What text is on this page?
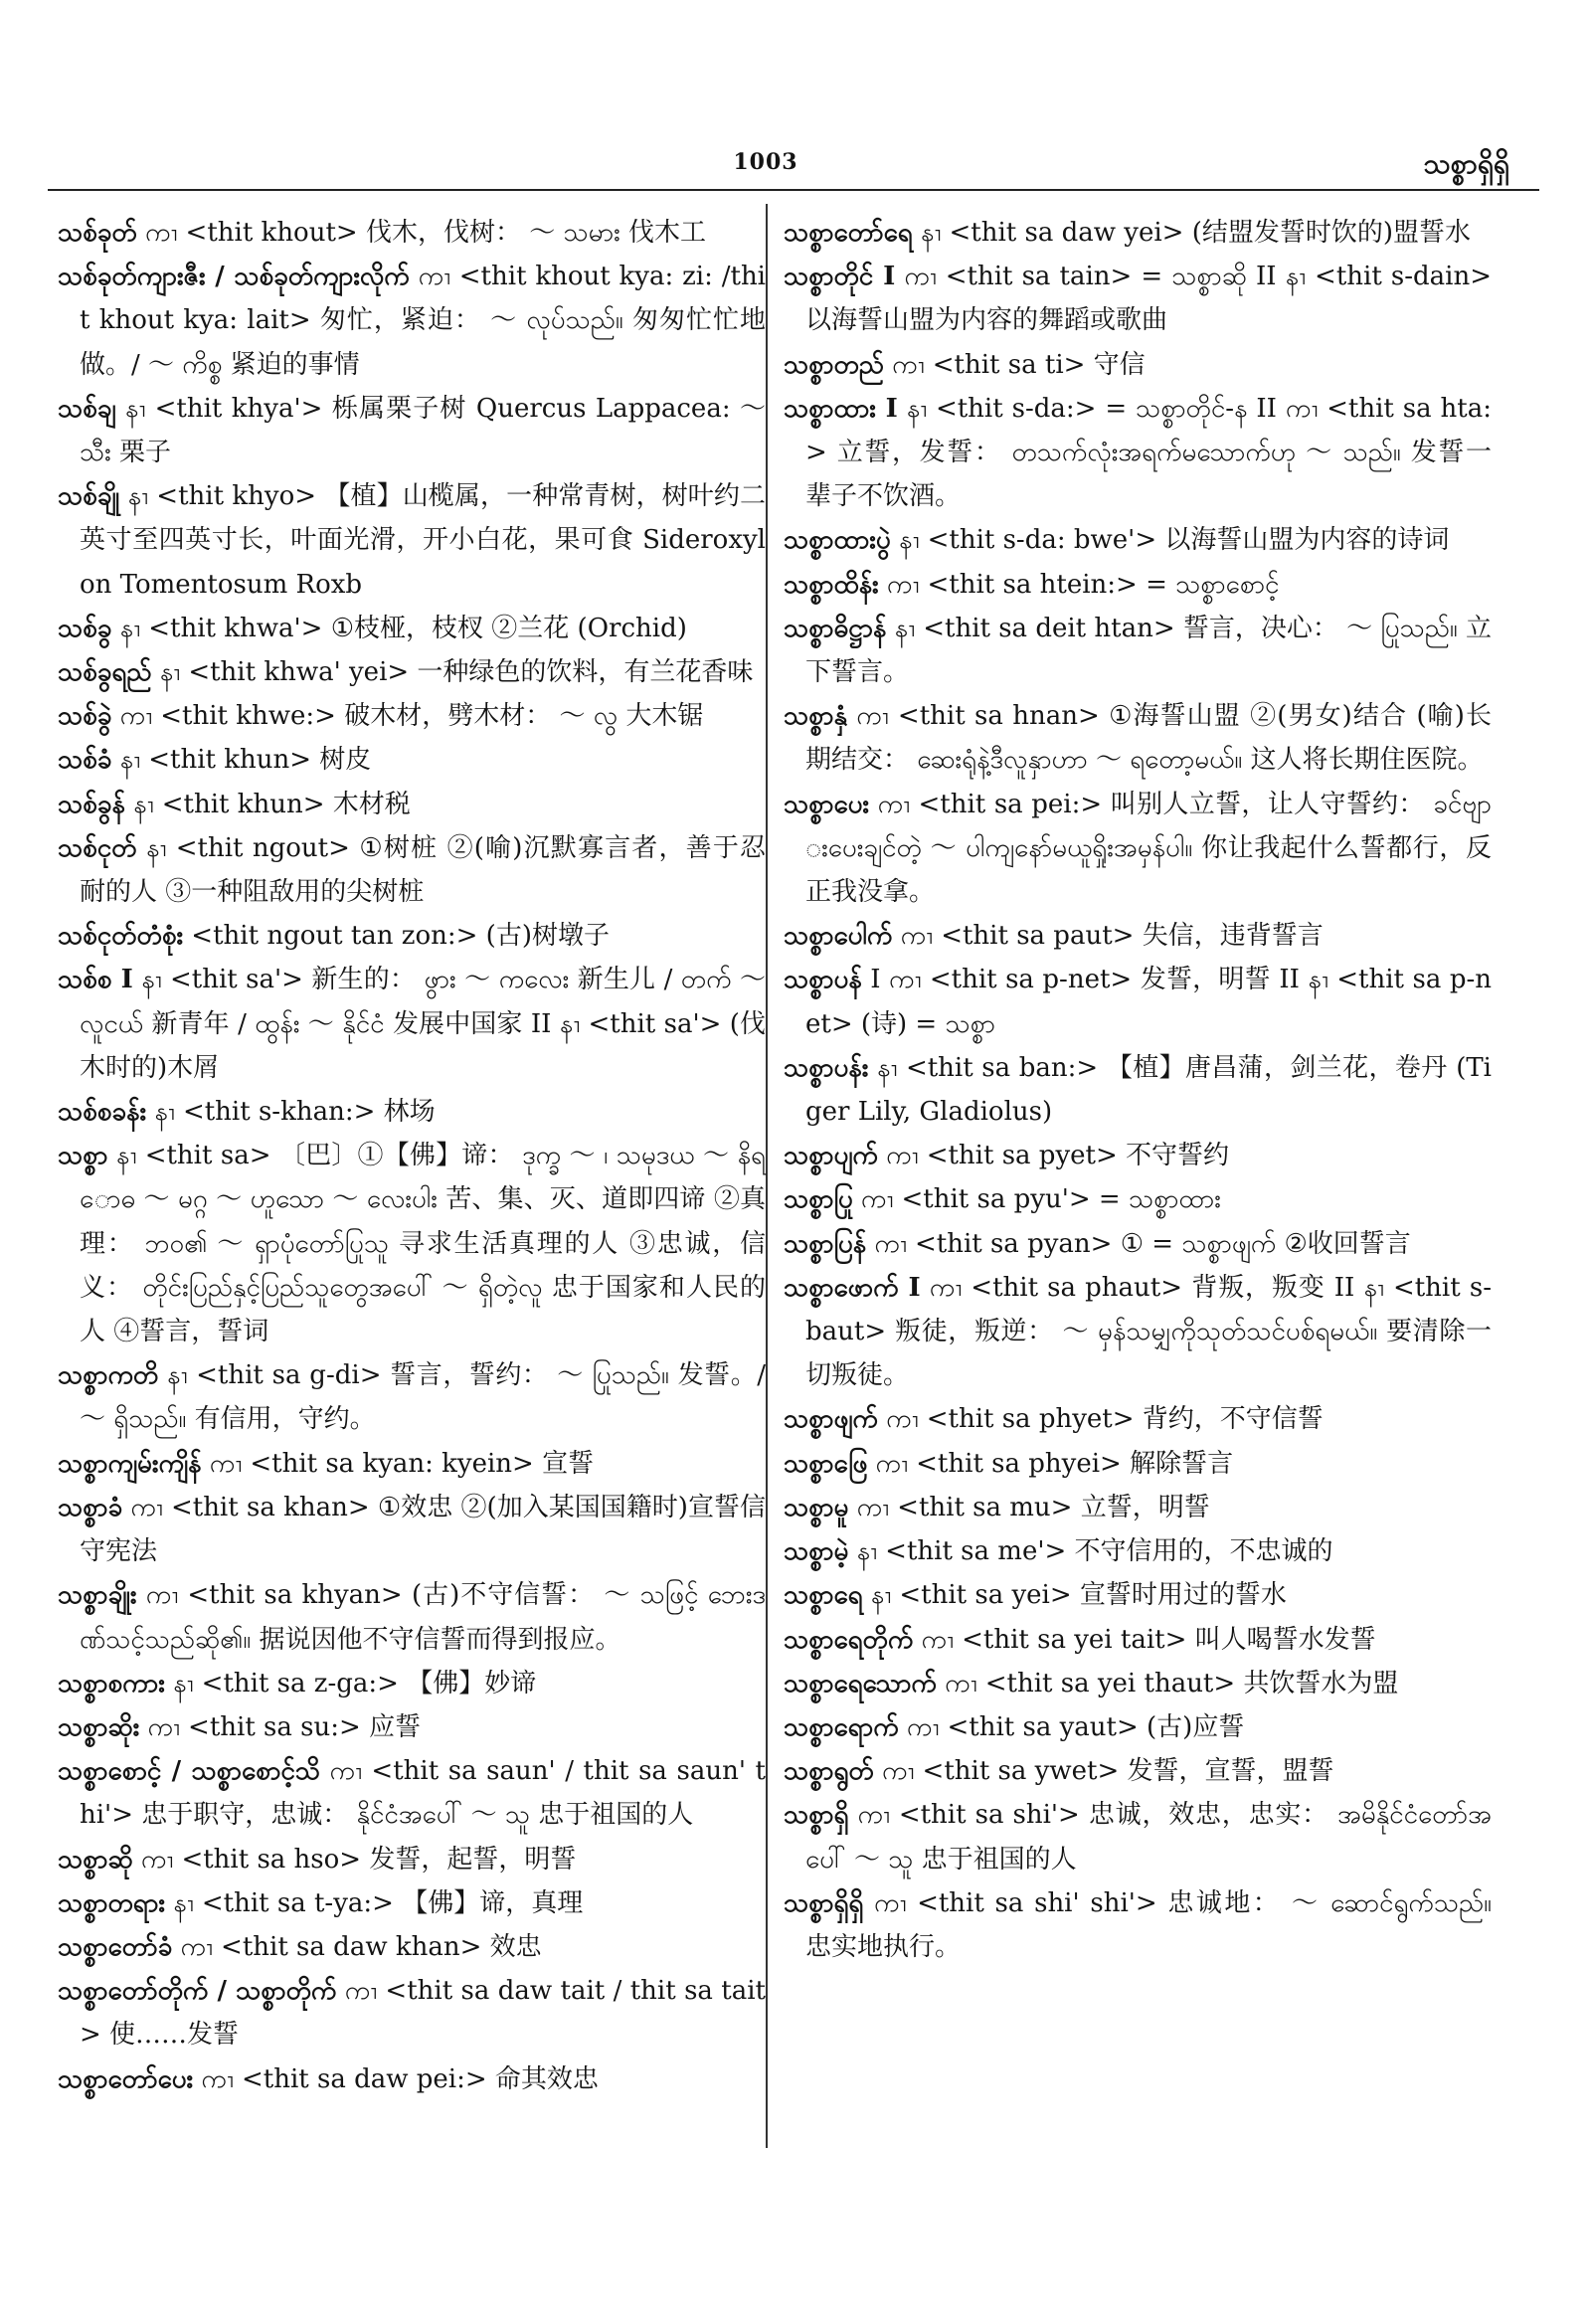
1003	သစ္စာရှိရှိ
သစ်ခုတ် ကၢ <thit khout> 伐木，伐树： ～ သမား 伐木工
သစ်ခုတ်ကျားဇီး / သစ်ခုတ်ကျားလိုက် ကၢ <thit khout kya: zi: /thit khout kya: lait> 匆忙，紧迫： ～ လုပ်သည်။ 匆匆忙忙地做。/ ～ ကိစ္စ 紧迫的事情
သစ်ချ နၢ <thit khya'> 栎属栗子树 Quercus Lappacea: ～ သီး 栗子
သစ်ချို နၢ <thit khyo> 【植】山榄属，一种常青树，树叶约二英寸至四英寸长，叶面光滑，开小白花，果可食 Sideroxylon Tomentosum Roxb
သစ်ခွ နၢ <thit khwa'> ①枝桠，枝杈 ②兰花 (Orchid)
သစ်ခွရည် နၢ <thit khwa' yei> 一种绿色的饮料，有兰花香味
သစ်ခွဲ ကၢ <thit khwe:> 破木材，劈木材： ～ လွ 大木锯
သစ်ခံ နၢ <thit khun> 树皮
သစ်ခွန် နၢ <thit khun> 木材税
သစ်ငုတ် နၢ <thit ngout> ①树桩 ②(喻)沉默寡言者，善于忍耐的人 ③一种阻敌用的尖树桩
သစ်ငုတ်တံစုံး <thit ngout tan zon:> (古)树墩子
သစ်စ I နၢ <thit sa'> 新生的： ဖွား ～ ကလေး 新生儿 / တက် ～ လူငယ် 新青年 / ထွန်း ～ နိုင်ငံ 发展中国家 II နၢ <thit sa'> (伐木时的)木屑
သစ်စခန်း နၢ <thit s-khan:> 林场
သစ္စာ နၢ <thit sa> 〔巴〕①【佛】谛： ဒုက္ခ ～ ၊ သမုဒယ ～ နိရောဓ ～ မဂ္ဂ ～ ဟူသော ～ လေးပါး 苦、集、灭、道即四谛 ②真理： ဘဝ၏ ～ ရှာပုံတော်ပြုသူ 寻求生活真理的人 ③忠诚，信义： တိုင်းပြည်နှင့်ပြည်သူတွေအပေါ် ～ ရှိတဲ့လူ 忠于国家和人民的人 ④誓言，誓词
သစ္စာကတိ နၢ <thit sa g-di> 誓言，誓约： ～ ပြုသည်။ 发誓。/ ～ ရှိသည်။ 有信用，守约。
သစ္စာကျမ်းကျိန် ကၢ <thit sa kyan: kyein> 宣誓
သစ္စာခံ ကၢ <thit sa khan> ①效忠 ②(加入某国国籍时)宣誓信守宪法
သစ္စာချိုး ကၢ <thit sa khyan> (古)不守信誓： ～ သဖြင့် ဘေးဒဏ်သင့်သည်ဆို၏။ 据说因他不守信誓而得到报应。
သစ္စာစကား နၢ <thit sa z-ga:> 【佛】妙谛
သစ္စာဆိုး ကၢ <thit sa su:> 应誓
သစ္စာစောင့် / သစ္စာစောင့်သိ ကၢ <thit sa saun' / thit sa saun' thi'> 忠于职守，忠诚： နိုင်ငံအပေါ် ～ သူ 忠于祖国的人
သစ္စာဆို ကၢ <thit sa hso> 发誓，起誓，明誓
သစ္စာတရား နၢ <thit sa t-ya:> 【佛】谛，真理
သစ္စာတော်ခံ ကၢ <thit sa daw khan> 效忠
သစ္စာတော်တိုက် / သစ္စာတိုက် ကၢ <thit sa daw tait / thit sa tait> 使……发誓
သစ္စာတော်ပေး ကၢ <thit sa daw pei:> 命其效忠
သစ္စာတော်ရေ နၢ <thit sa daw yei> (结盟发誓时饮的)盟誓水
သစ္စာတိုင် I ကၢ <thit sa tain> = သစ္စာဆို II နၢ <thit s-dain> 以海誓山盟为内容的舞蹈或歌曲
သစ္စာတည် ကၢ <thit sa ti> 守信
သစ္စာထား I နၢ <thit s-da:> = သစ္စာတိုင်-န II ကၢ <thit sa hta:> 立誓，发誓： တသက်လုံးအရက်မသောက်ဟု ～ သည်။ 发誓一辈子不饮酒。
သစ္စာထားပွဲ နၢ <thit s-da: bwe'> 以海誓山盟为内容的诗词
သစ္စာထိန်း ကၢ <thit sa htein:> = သစ္စာစောင့်
သစ္စာဓိဋ္ဌာန် နၢ <thit sa deit htan> 誓言，决心： ～ ပြုသည်။ 立下誓言。
သစ္စာနှံ ကၢ <thit sa hnan> ①海誓山盟 ②(男女)结合 (喻)长期结交： ဆေးရုံနဲ့ဒီလူနှာဟာ ～ ရတော့မယ်။ 这人将长期住医院。
သစ္စာပေး ကၢ <thit sa pei:> 叫别人立誓，让人守誓约： ခင်ဗျားပေးချင်တဲ့ ～ ပါကျနော်မယူရှိုးအမှန်ပါ။ 你让我起什么誓都行，反正我没拿。
သစ္စာပေါက် ကၢ <thit sa paut> 失信，违背誓言
သစ္စာပန် I ကၢ <thit sa p-net> 发誓，明誓 II နၢ <thit sa p-net> (诗) = သစ္စာ
သစ္စာပန်း နၢ <thit sa ban:> 【植】唐昌蒲，剑兰花，卷丹 (Tiger Lily, Gladiolus)
သစ္စာပျက် ကၢ <thit sa pyet> 不守誓约
သစ္စာပြု ကၢ <thit sa pyu'> = သစ္စာထား
သစ္စာပြန် ကၢ <thit sa pyan> ① = သစ္စာဖျက် ②收回誓言
သစ္စာဖောက် I ကၢ <thit sa phaut> 背叛，叛变 II နၢ <thit s-baut> 叛徒，叛逆： ～ မှန်သမျှကိုသုတ်သင်ပစ်ရမယ်။ 要清除一切叛徒。
သစ္စာဖျက် ကၢ <thit sa phyet> 背约，不守信誓
သစ္စာဖြေ ကၢ <thit sa phyei> 解除誓言
သစ္စာမူ ကၢ <thit sa mu> 立誓，明誓
သစ္စာမဲ့ နၢ <thit sa me'> 不守信用的，不忠诚的
သစ္စာရေ နၢ <thit sa yei> 宣誓时用过的誓水
သစ္စာရေတိုက် ကၢ <thit sa yei tait> 叫人喝誓水发誓
သစ္စာရေသောက် ကၢ <thit sa yei thaut> 共饮誓水为盟
သစ္စာရောက် ကၢ <thit sa yaut> (古)应誓
သစ္စာရွတ် ကၢ <thit sa ywet> 发誓，宣誓，盟誓
သစ္စာရှိ ကၢ <thit sa shi'> 忠诚，效忠，忠实： အမိနိုင်ငံတော်အပေါ် ～ သူ 忠于祖国的人
သစ္စာရှိရှိ ကၢ <thit sa shi' shi'> 忠诚地： ～ ဆောင်ရွက်သည်။ 忠实地执行。
